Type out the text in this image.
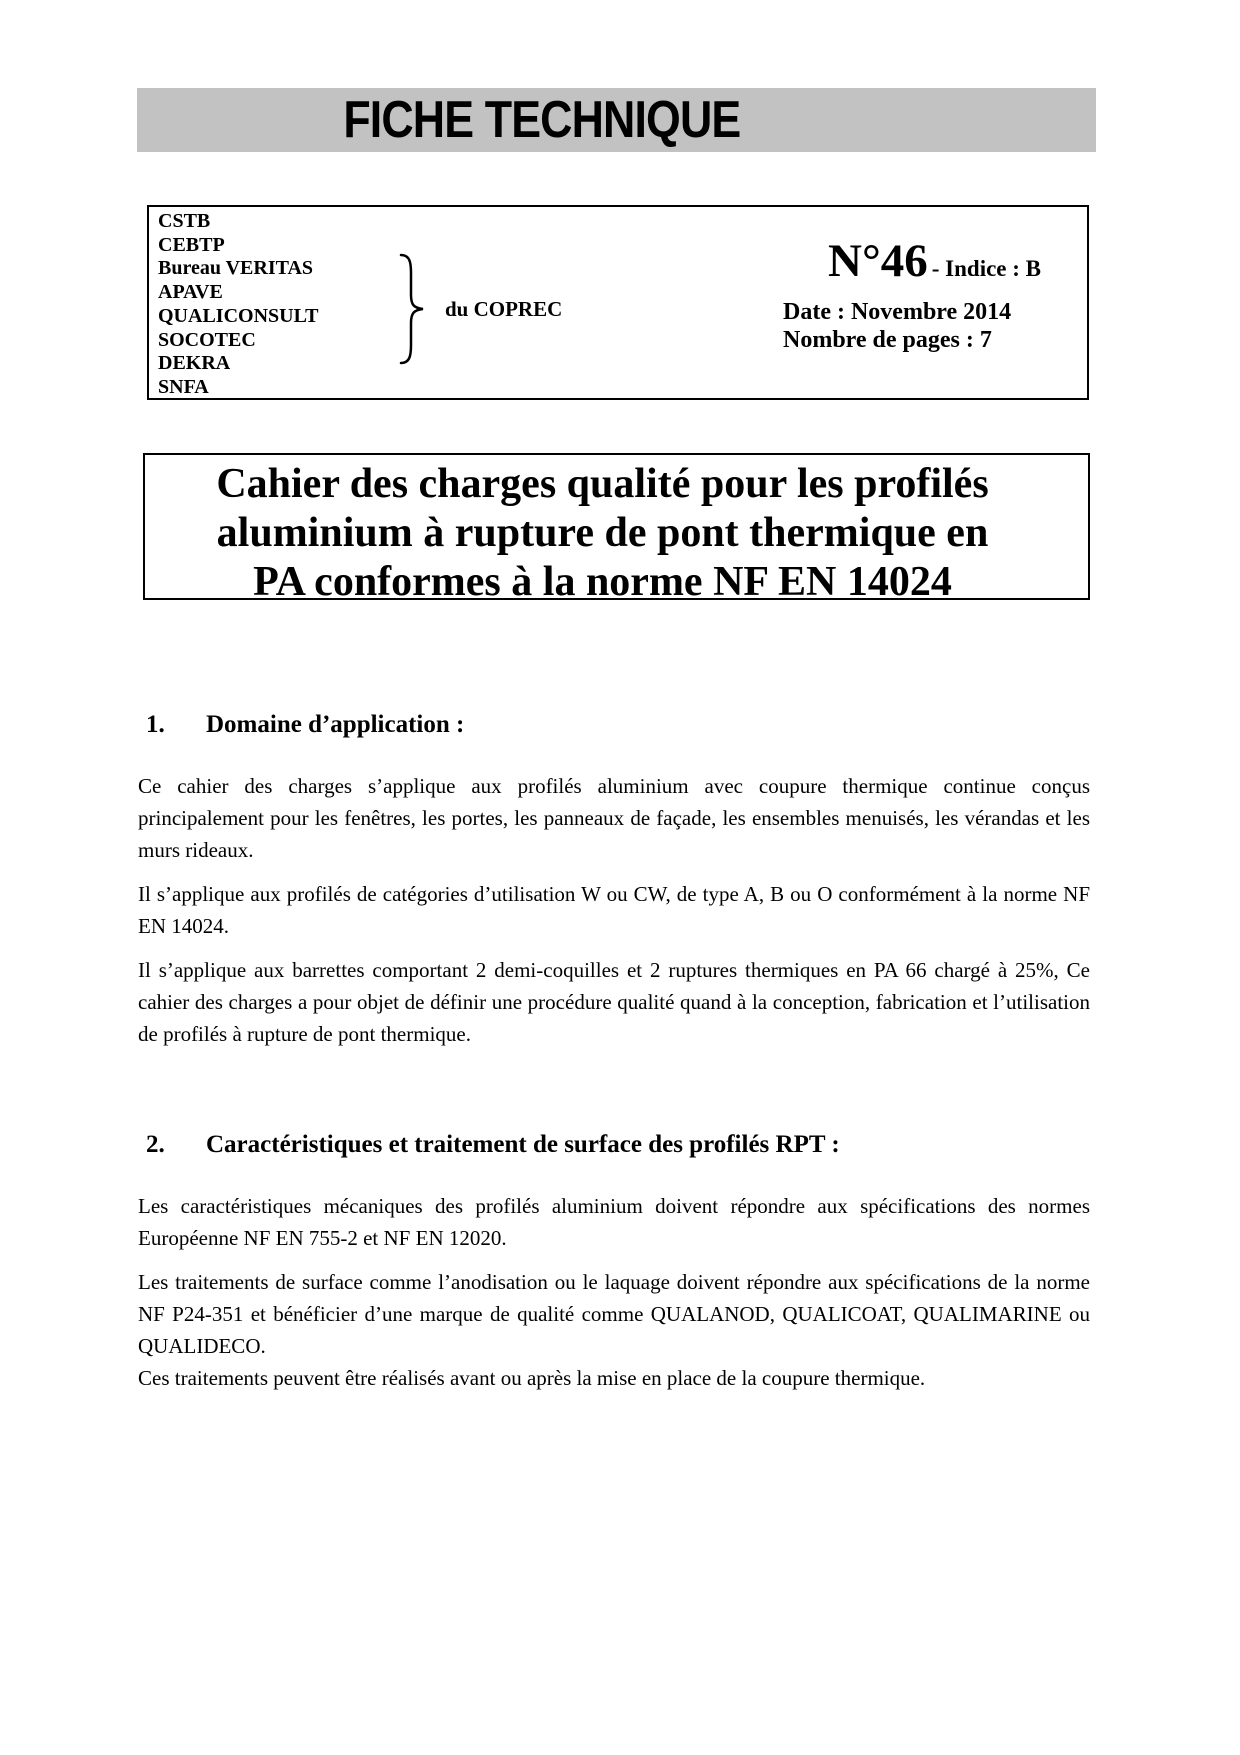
FICHE TECHNIQUE
CSTB
CEBTP
Bureau VERITAS
APAVE
QUALICONSULT
SOCOTEC
DEKRA
SNFA
du COPREC
N°46 - Indice : B
Date : Novembre 2014
Nombre de pages : 7
Cahier des charges qualité pour les profilés
aluminium à rupture de pont thermique en
PA conformes à la norme NF EN 14024
1. Domaine d’application :

Ce cahier des charges s’applique aux profilés aluminium avec coupure thermique continue conçus principalement pour les fenêtres, les portes, les panneaux de façade, les ensembles menuisés, les vérandas et les murs rideaux.

Il s’applique aux profilés de catégories d’utilisation W ou CW, de type A, B ou O conformément à la norme NF EN 14024.

Il s’applique aux barrettes comportant 2 demi-coquilles et 2 ruptures thermiques en PA 66 chargé à 25%, Ce cahier des charges a pour objet de définir une procédure qualité quand à la conception, fabrication et l’utilisation de profilés à rupture de pont thermique.

2. Caractéristiques et traitement de surface des profilés RPT :

Les caractéristiques mécaniques des profilés aluminium doivent répondre aux spécifications des normes Européenne NF EN 755-2 et NF EN 12020.

Les traitements de surface comme l’anodisation ou le laquage doivent répondre aux spécifications de la norme NF P24-351 et bénéficier d’une marque de qualité comme QUALANOD, QUALICOAT, QUALIMARINE ou QUALIDECO.

Ces traitements peuvent être réalisés avant ou après la mise en place de la coupure thermique.
